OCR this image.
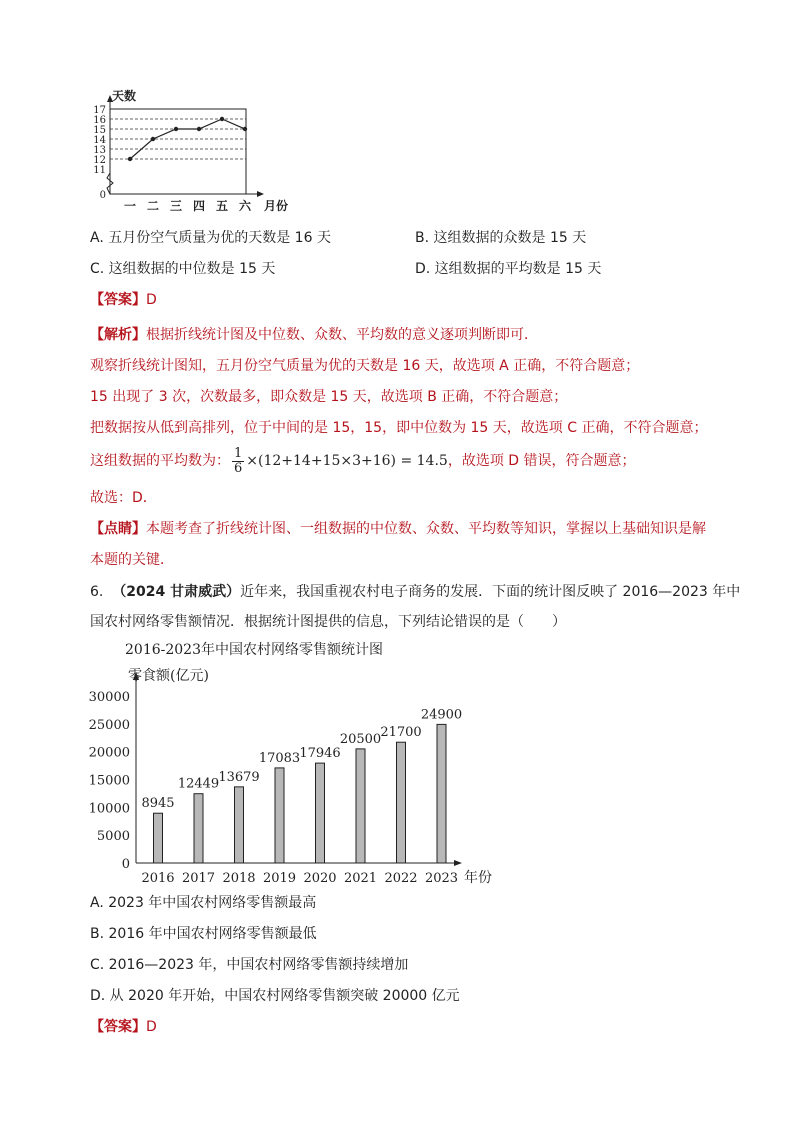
天数
0
11
12
13
14
15
16
17
一 二 三 四 五 六 月份
A. 五月份空气质量为优的天数是 16 天	B. 这组数据的众数是 15 天
C. 这组数据的中位数是 15 天	D. 这组数据的平均数是 15 天
【答案】D
【解析】根据折线统计图及中位数、众数、平均数的意义逐项判断即可．
观察折线统计图知，五月份空气质量为优的天数是 16 天，故选项 A 正确，不符合题意；
15 出现了 3 次，次数最多，即众数是 15 天，故选项 B 正确，不符合题意；
把数据按从低到高排列，位于中间的是 15，15，即中位数为 15 天，故选项 C 正确，不符合题意；
这组数据的平均数为： $\frac{1}{6} \times(12+14+15\times 3+16) = 14.5$，故选项 D 错误，符合题意；
故选：D．
【点睛】本题考查了折线统计图、一组数据的中位数、众数、平均数等知识，掌握以上基础知识是解
本题的关键．
6. （2024 甘肃威武）近年来，我国重视农村电子商务的发展．下面的统计图反映了 2016—2023 年中
国农村网络零售额情况．根据统计图提供的信息，下列结论错误的是（　　）
2016-2023年中国农村网络零售额统计图
零食额(亿元)
年份
0
5000
10000
15000
20000
25000
30000
8945
2016
12449
2017
13679
2018
17083
2019
17946
2020
20500
2021
21700
2022
24900
2023
A. 2023 年中国农村网络零售额最高
B. 2016 年中国农村网络零售额最低
C. 2016—2023 年，中国农村网络零售额持续增加
D. 从 2020 年开始，中国农村网络零售额突破 20000 亿元
【答案】D
